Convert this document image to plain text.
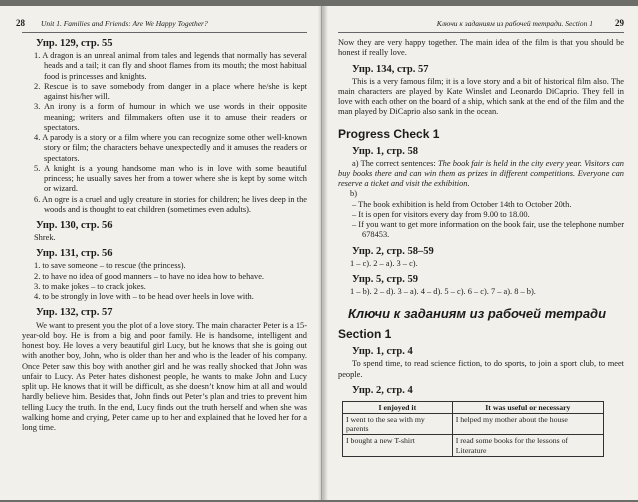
28	Unit 1. Families and Friends: Are We Happy Together?
Упр. 129, стр. 55
1. A dragon is an unreal animal from tales and legends that normally has several heads and a tail; it can fly and shoot flames from its mouth; the most habitual food is princesses and knights.
2. Rescue is to save somebody from danger in a place where he/she is kept against his/her will.
3. An irony is a form of humour in which we use words in their opposite meaning; writers and filmmakers often use it to amuse their readers or spectators.
4. A parody is a story or a film where you can recognize some other well-known story or film; the characters behave unexpectedly and it amuses the readers or spectators.
5. A knight is a young handsome man who is in love with some beautiful princess; he usually saves her from a tower where she is kept by some witch or wizard.
6. An ogre is a cruel and ugly creature in stories for children; he lives deep in the woods and is thought to eat children (sometimes even adults).
Упр. 130, стр. 56
Shrek.
Упр. 131, стр. 56
1. to save someone – to rescue (the princess).
2. to have no idea of good manners – to have no idea how to behave.
3. to make jokes – to crack jokes.
4. to be strongly in love with – to be head over heels in love with.
Упр. 132, стр. 57

We want to present you the plot of a love story. The main character Peter is a 15-year-old boy. He is from a big and poor family. He is handsome, intelligent and honest boy. He loves a very beautiful girl Lucy, but he knows that she is going out with another boy, John, who is older than her and who is the leader of his company. Once Peter saw this boy with another girl and he was really shocked that John was unfair to Lucy. As Peter hates dishonest people, he wants to make John and Lucy split up. He knows that it will be difficult, as she doesn’t know him at all and would hardly believe him. Besides that, John finds out Peter’s plan and tries to prevent him telling Lucy the truth. In the end, Lucy finds out the truth herself and when she was walking home and crying, Peter came up to her and explained that he loved her for a long time.

Ключи к заданиям из рабочей тетради. Section 1	29

Now they are very happy together. The main idea of the film is that you should be honest if really love.

Упр. 134, стр. 57

This is a very famous film; it is a love story and a bit of historical film also. The main characters are played by Kate Winslet and Leonardo DiCaprio. They fell in love with each other on the board of a ship, which sank at the end of the film and the man played by DiCaprio also sank in the ocean.

Progress Check 1
Упр. 1, стр. 58

a) The correct sentences: The book fair is held in the city every year. Visitors can buy books there and can win them as prizes in different competitions. Everyone can reserve a ticket and visit the exhibition.

b)
– The book exhibition is held from October 14th to October 20th.
– It is open for visitors every day from 9.00 to 18.00.
– If you want to get more information on the book fair, use the telephone number 678453.
Упр. 2, стр. 58–59
1 – c). 2 – a). 3 – c).
Упр. 5, стр. 59
1 – b). 2 – d). 3 – a). 4 – d). 5 – c). 6 – c). 7 – a). 8 – b).
Ключи к заданиям из рабочей тетради
Section 1
Упр. 1, стр. 4

To spend time, to read science fiction, to do sports, to join a sport club, to meet people.

Упр. 2, стр. 4
I enjoyed it	It was useful or necessary
I went to the sea with my parents	I helped my mother about the house
I bought a new T-shirt	I read some books for the lessons of Literature
